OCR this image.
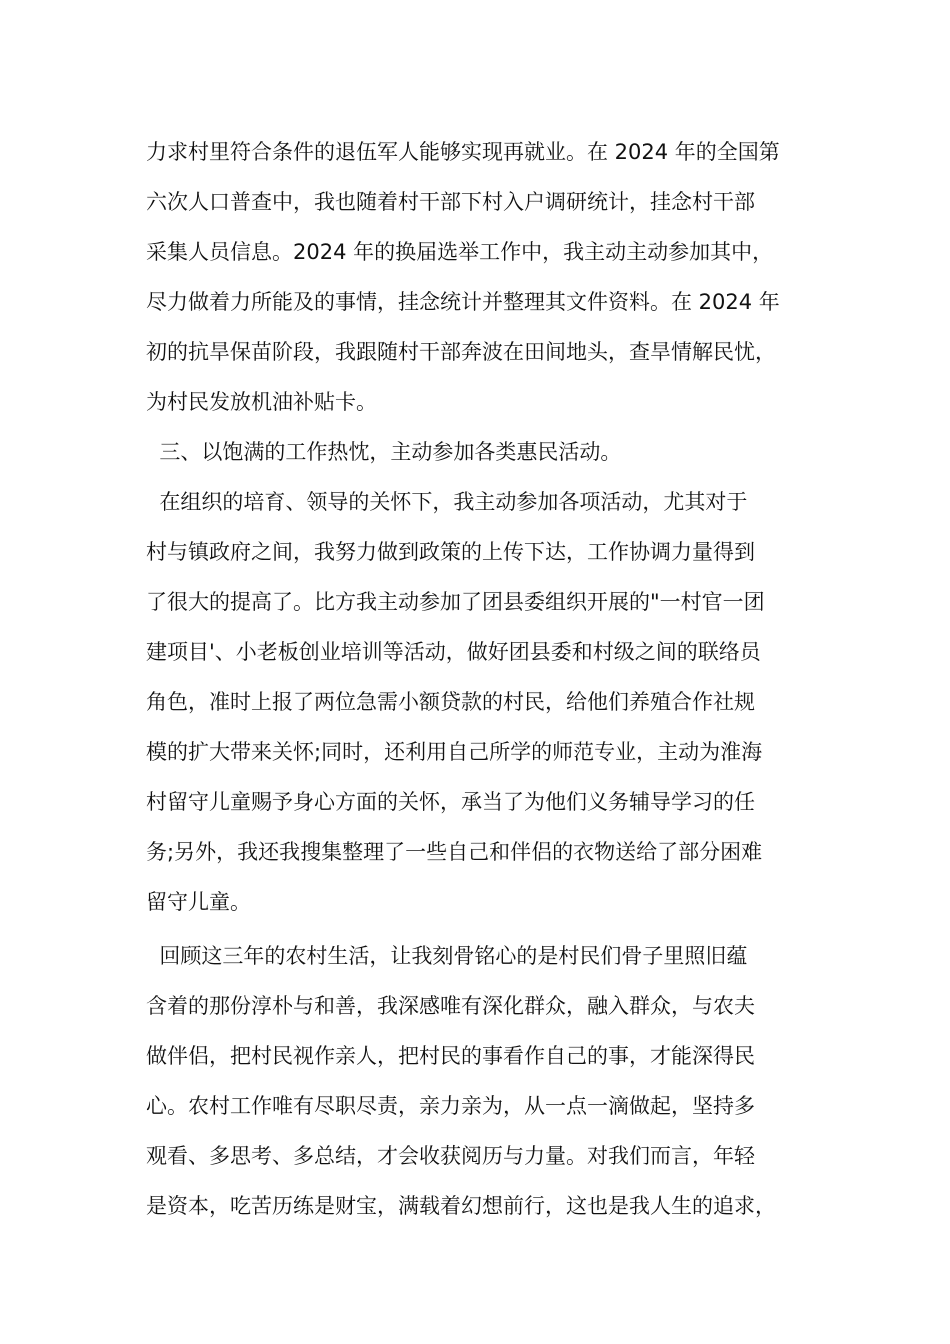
力求村里符合条件的退伍军人能够实现再就业。在 2024 年的全国第
六次人口普查中，我也随着村干部下村入户调研统计，挂念村干部
采集人员信息。2024 年的换届选举工作中，我主动主动参加其中，
尽力做着力所能及的事情，挂念统计并整理其文件资料。在 2024 年
初的抗旱保苗阶段，我跟随村干部奔波在田间地头，查旱情解民忧，
为村民发放机油补贴卡。
三、以饱满的工作热忱，主动参加各类惠民活动。
在组织的培育、领导的关怀下，我主动参加各项活动，尤其对于
村与镇政府之间，我努力做到政策的上传下达，工作协调力量得到
了很大的提高了。比方我主动参加了团县委组织开展的"一村官一团
建项目'、小老板创业培训等活动，做好团县委和村级之间的联络员
角色，准时上报了两位急需小额贷款的村民，给他们养殖合作社规
模的扩大带来关怀;同时，还利用自己所学的师范专业，主动为淮海
村留守儿童赐予身心方面的关怀，承当了为他们义务辅导学习的任
务;另外，我还我搜集整理了一些自己和伴侣的衣物送给了部分困难
留守儿童。
回顾这三年的农村生活，让我刻骨铭心的是村民们骨子里照旧蕴
含着的那份淳朴与和善，我深感唯有深化群众，融入群众，与农夫
做伴侣，把村民视作亲人，把村民的事看作自己的事，才能深得民
心。农村工作唯有尽职尽责，亲力亲为，从一点一滴做起，坚持多
观看、多思考、多总结，才会收获阅历与力量。对我们而言，年轻
是资本，吃苦历练是财宝，满载着幻想前行，这也是我人生的追求，
